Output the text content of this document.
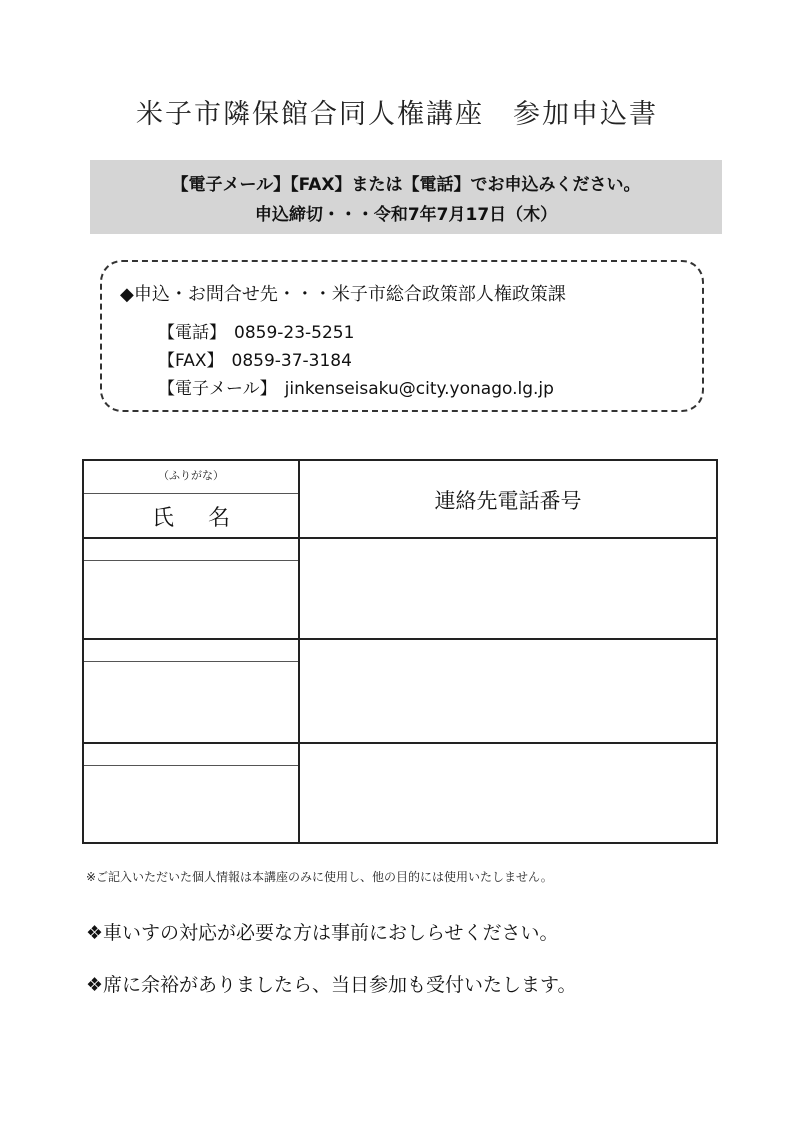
米子市隣保館合同人権講座　参加申込書
【電子メール】【FAX】または【電話】でお申込みください。
申込締切・・・令和7年7月17日（木）
◆申込・お問合せ先・・・米子市総合政策部人権政策課
【電話】 0859-23-5251
【FAX】 0859-37-3184
【電子メール】 jinkenseisaku@city.yonago.lg.jp
（ふりがな）
氏名
連絡先電話番号
※ご記入いただいた個人情報は本講座のみに使用し、他の目的には使用いたしません。
❖車いすの対応が必要な方は事前におしらせください。
❖席に余裕がありましたら、当日参加も受付いたします。
